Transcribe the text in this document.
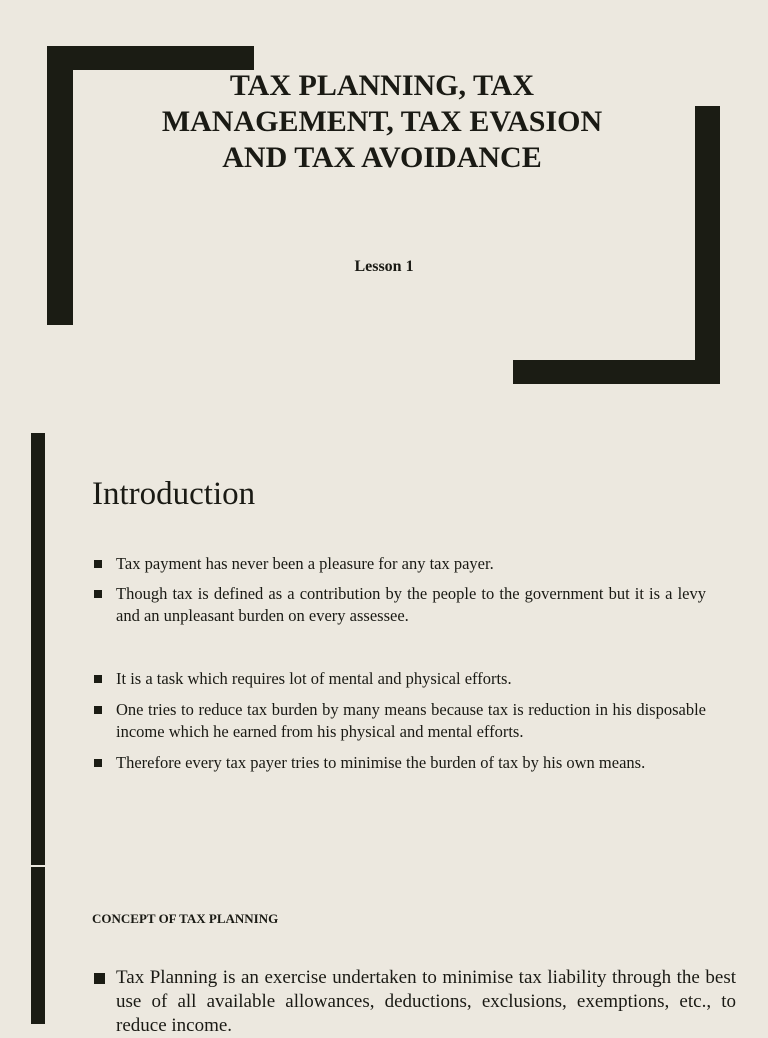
TAX PLANNING, TAX
MANAGEMENT, TAX EVASION
AND TAX AVOIDANCE
Lesson 1
Introduction
Tax payment has never been a pleasure for any tax payer.
Though tax is defined as a contribution by the people to the government but it is a levy and an unpleasant burden on every assessee.
It is a task which requires lot of mental and physical efforts.
One tries to reduce tax burden by many means because tax is reduction in his disposable income which he earned from his physical and mental efforts.
Therefore every tax payer tries to minimise the burden of tax by his own means.
CONCEPT OF TAX PLANNING

Tax Planning is an exercise undertaken to minimise tax liability through the best use of all available allowances, deductions, exclusions, exemptions, etc., to reduce income.
